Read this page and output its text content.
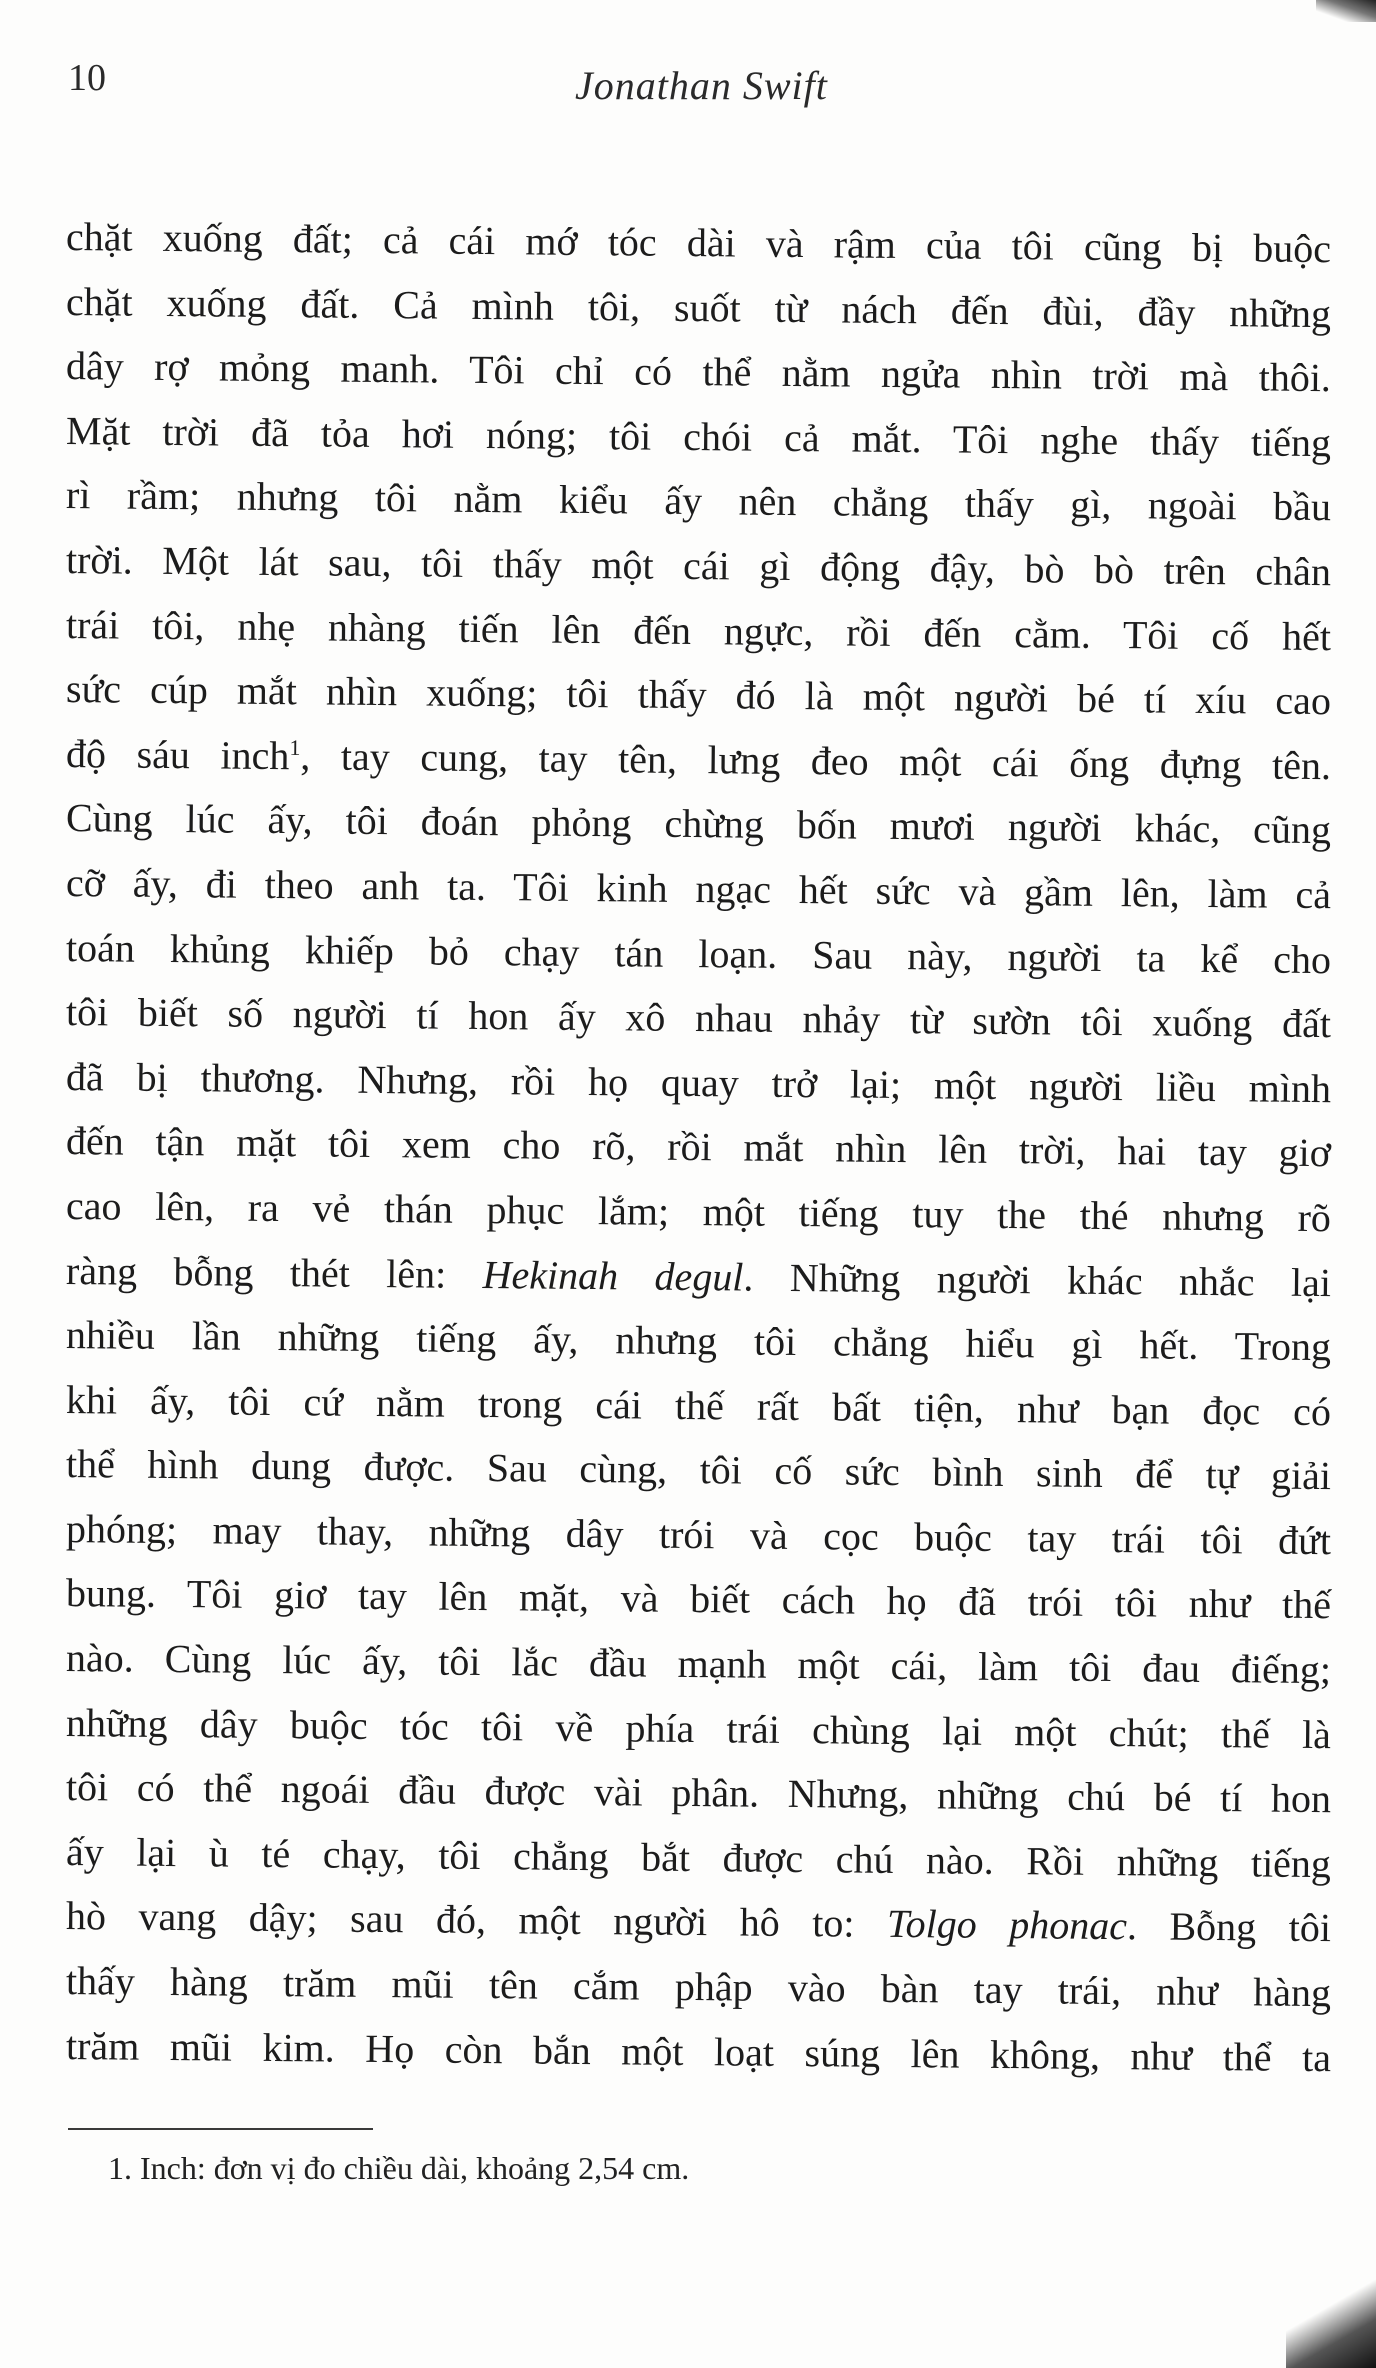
10	Jonathan Swift
chặt xuống đất; cả cái mớ tóc dài và rậm của tôi cũng bị buộc
chặt xuống đất. Cả mình tôi, suốt từ nách đến đùi, đầy những
dây rợ mỏng manh. Tôi chỉ có thể nằm ngửa nhìn trời mà thôi.
Mặt trời đã tỏa hơi nóng; tôi chói cả mắt. Tôi nghe thấy tiếng
rì rầm; nhưng tôi nằm kiểu ấy nên chẳng thấy gì, ngoài bầu
trời. Một lát sau, tôi thấy một cái gì động đậy, bò bò trên chân
trái tôi, nhẹ nhàng tiến lên đến ngực, rồi đến cằm. Tôi cố hết
sức cúp mắt nhìn xuống; tôi thấy đó là một người bé tí xíu cao
độ sáu inch$^1$, tay cung, tay tên, lưng đeo một cái ống đựng tên.
Cùng lúc ấy, tôi đoán phỏng chừng bốn mươi người khác, cũng
cỡ ấy, đi theo anh ta. Tôi kinh ngạc hết sức và gầm lên, làm cả
toán khủng khiếp bỏ chạy tán loạn. Sau này, người ta kể cho
tôi biết số người tí hon ấy xô nhau nhảy từ sườn tôi xuống đất
đã bị thương. Nhưng, rồi họ quay trở lại; một người liều mình
đến tận mặt tôi xem cho rõ, rồi mắt nhìn lên trời, hai tay giơ
cao lên, ra vẻ thán phục lắm; một tiếng tuy the thé nhưng rõ
ràng bỗng thét lên: Hekinah degul. Những người khác nhắc lại
nhiều lần những tiếng ấy, nhưng tôi chẳng hiểu gì hết. Trong
khi ấy, tôi cứ nằm trong cái thế rất bất tiện, như bạn đọc có
thể hình dung được. Sau cùng, tôi cố sức bình sinh để tự giải
phóng; may thay, những dây trói và cọc buộc tay trái tôi đứt
bung. Tôi giơ tay lên mặt, và biết cách họ đã trói tôi như thế
nào. Cùng lúc ấy, tôi lắc đầu mạnh một cái, làm tôi đau điếng;
những dây buộc tóc tôi về phía trái chùng lại một chút; thế là
tôi có thể ngoái đầu được vài phân. Nhưng, những chú bé tí hon
ấy lại ù té chạy, tôi chẳng bắt được chú nào. Rồi những tiếng
hò vang dậy; sau đó, một người hô to: Tolgo phonac. Bỗng tôi
thấy hàng trăm mũi tên cắm phập vào bàn tay trái, như hàng
trăm mũi kim. Họ còn bắn một loạt súng lên không, như thể ta
1. Inch: đơn vị đo chiều dài, khoảng 2,54 cm.
